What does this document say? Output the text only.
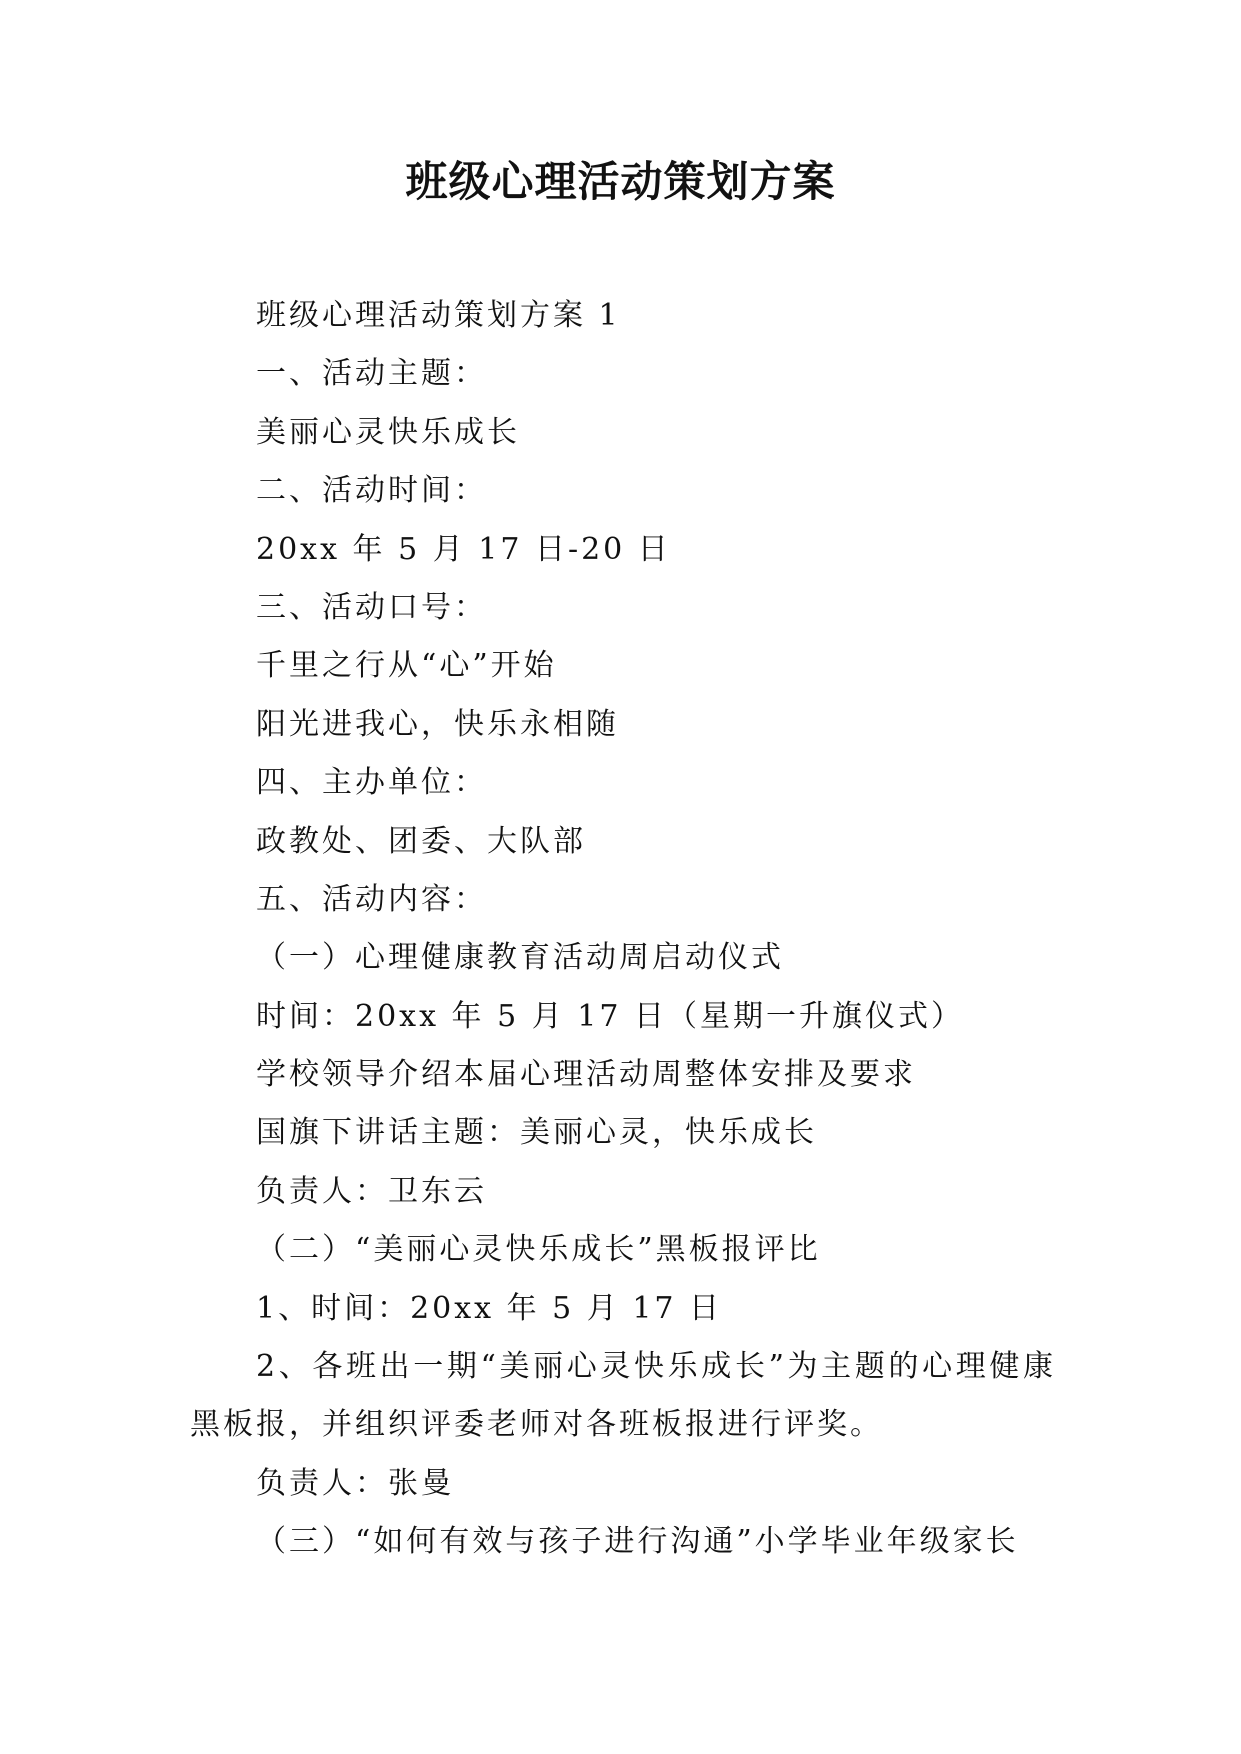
班级心理活动策划方案
班级心理活动策划方案 1
一、活动主题：
美丽心灵快乐成长
二、活动时间：
20xx 年 5 月 17 日-20 日
三、活动口号：
千里之行从“心”开始
阳光进我心，快乐永相随
四、主办单位：
政教处、团委、大队部
五、活动内容：
（一）心理健康教育活动周启动仪式
时间：20xx 年 5 月 17 日（星期一升旗仪式）
学校领导介绍本届心理活动周整体安排及要求
国旗下讲话主题：美丽心灵，快乐成长
负责人：卫东云
（二）“美丽心灵快乐成长”黑板报评比
1、时间：20xx 年 5 月 17 日
2、各班出一期“美丽心灵快乐成长”为主题的心理健康黑板报，并组织评委老师对各班板报进行评奖。
负责人：张曼
（三）“如何有效与孩子进行沟通”小学毕业年级家长
